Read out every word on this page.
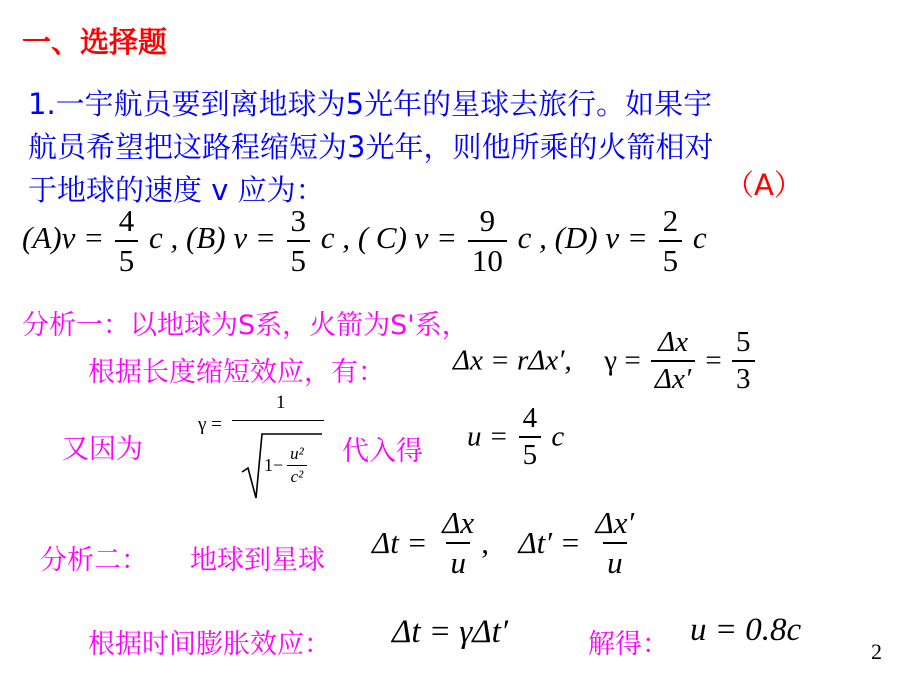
一、选择题
1.一宇航员要到离地球为5光年的星球去旅行。如果宇
航员希望把这路程缩短为3光年，则他所乘的火箭相对
于地球的速度 v 应为：	（A）
$(A)v = \frac{4}{5}$ c , (B) $v = \frac{3}{5}$ c , ( C) $v = \frac{9}{10}$ c , (D) $v = \frac{2}{5}$ c
分析一：以地球为S系，火箭为S'系，
根据长度缩短效应，有： Δx = rΔx′, $\gamma = \frac{\Delta x}{\Delta x'} = \frac{5}{3}$
又因为
γ =
1
$1- \frac{\text{u²}}{\text{c²}}$ 代入得 $u = \frac{4}{5}$ c
分析二： 地球到星球
$\Delta t = \frac{\Delta x}{u}$ , $\Delta t' = \frac{\Delta x'}{u}$
根据时间膨胀效应： Δt = γΔt′	解得： u = 0.8c
2
